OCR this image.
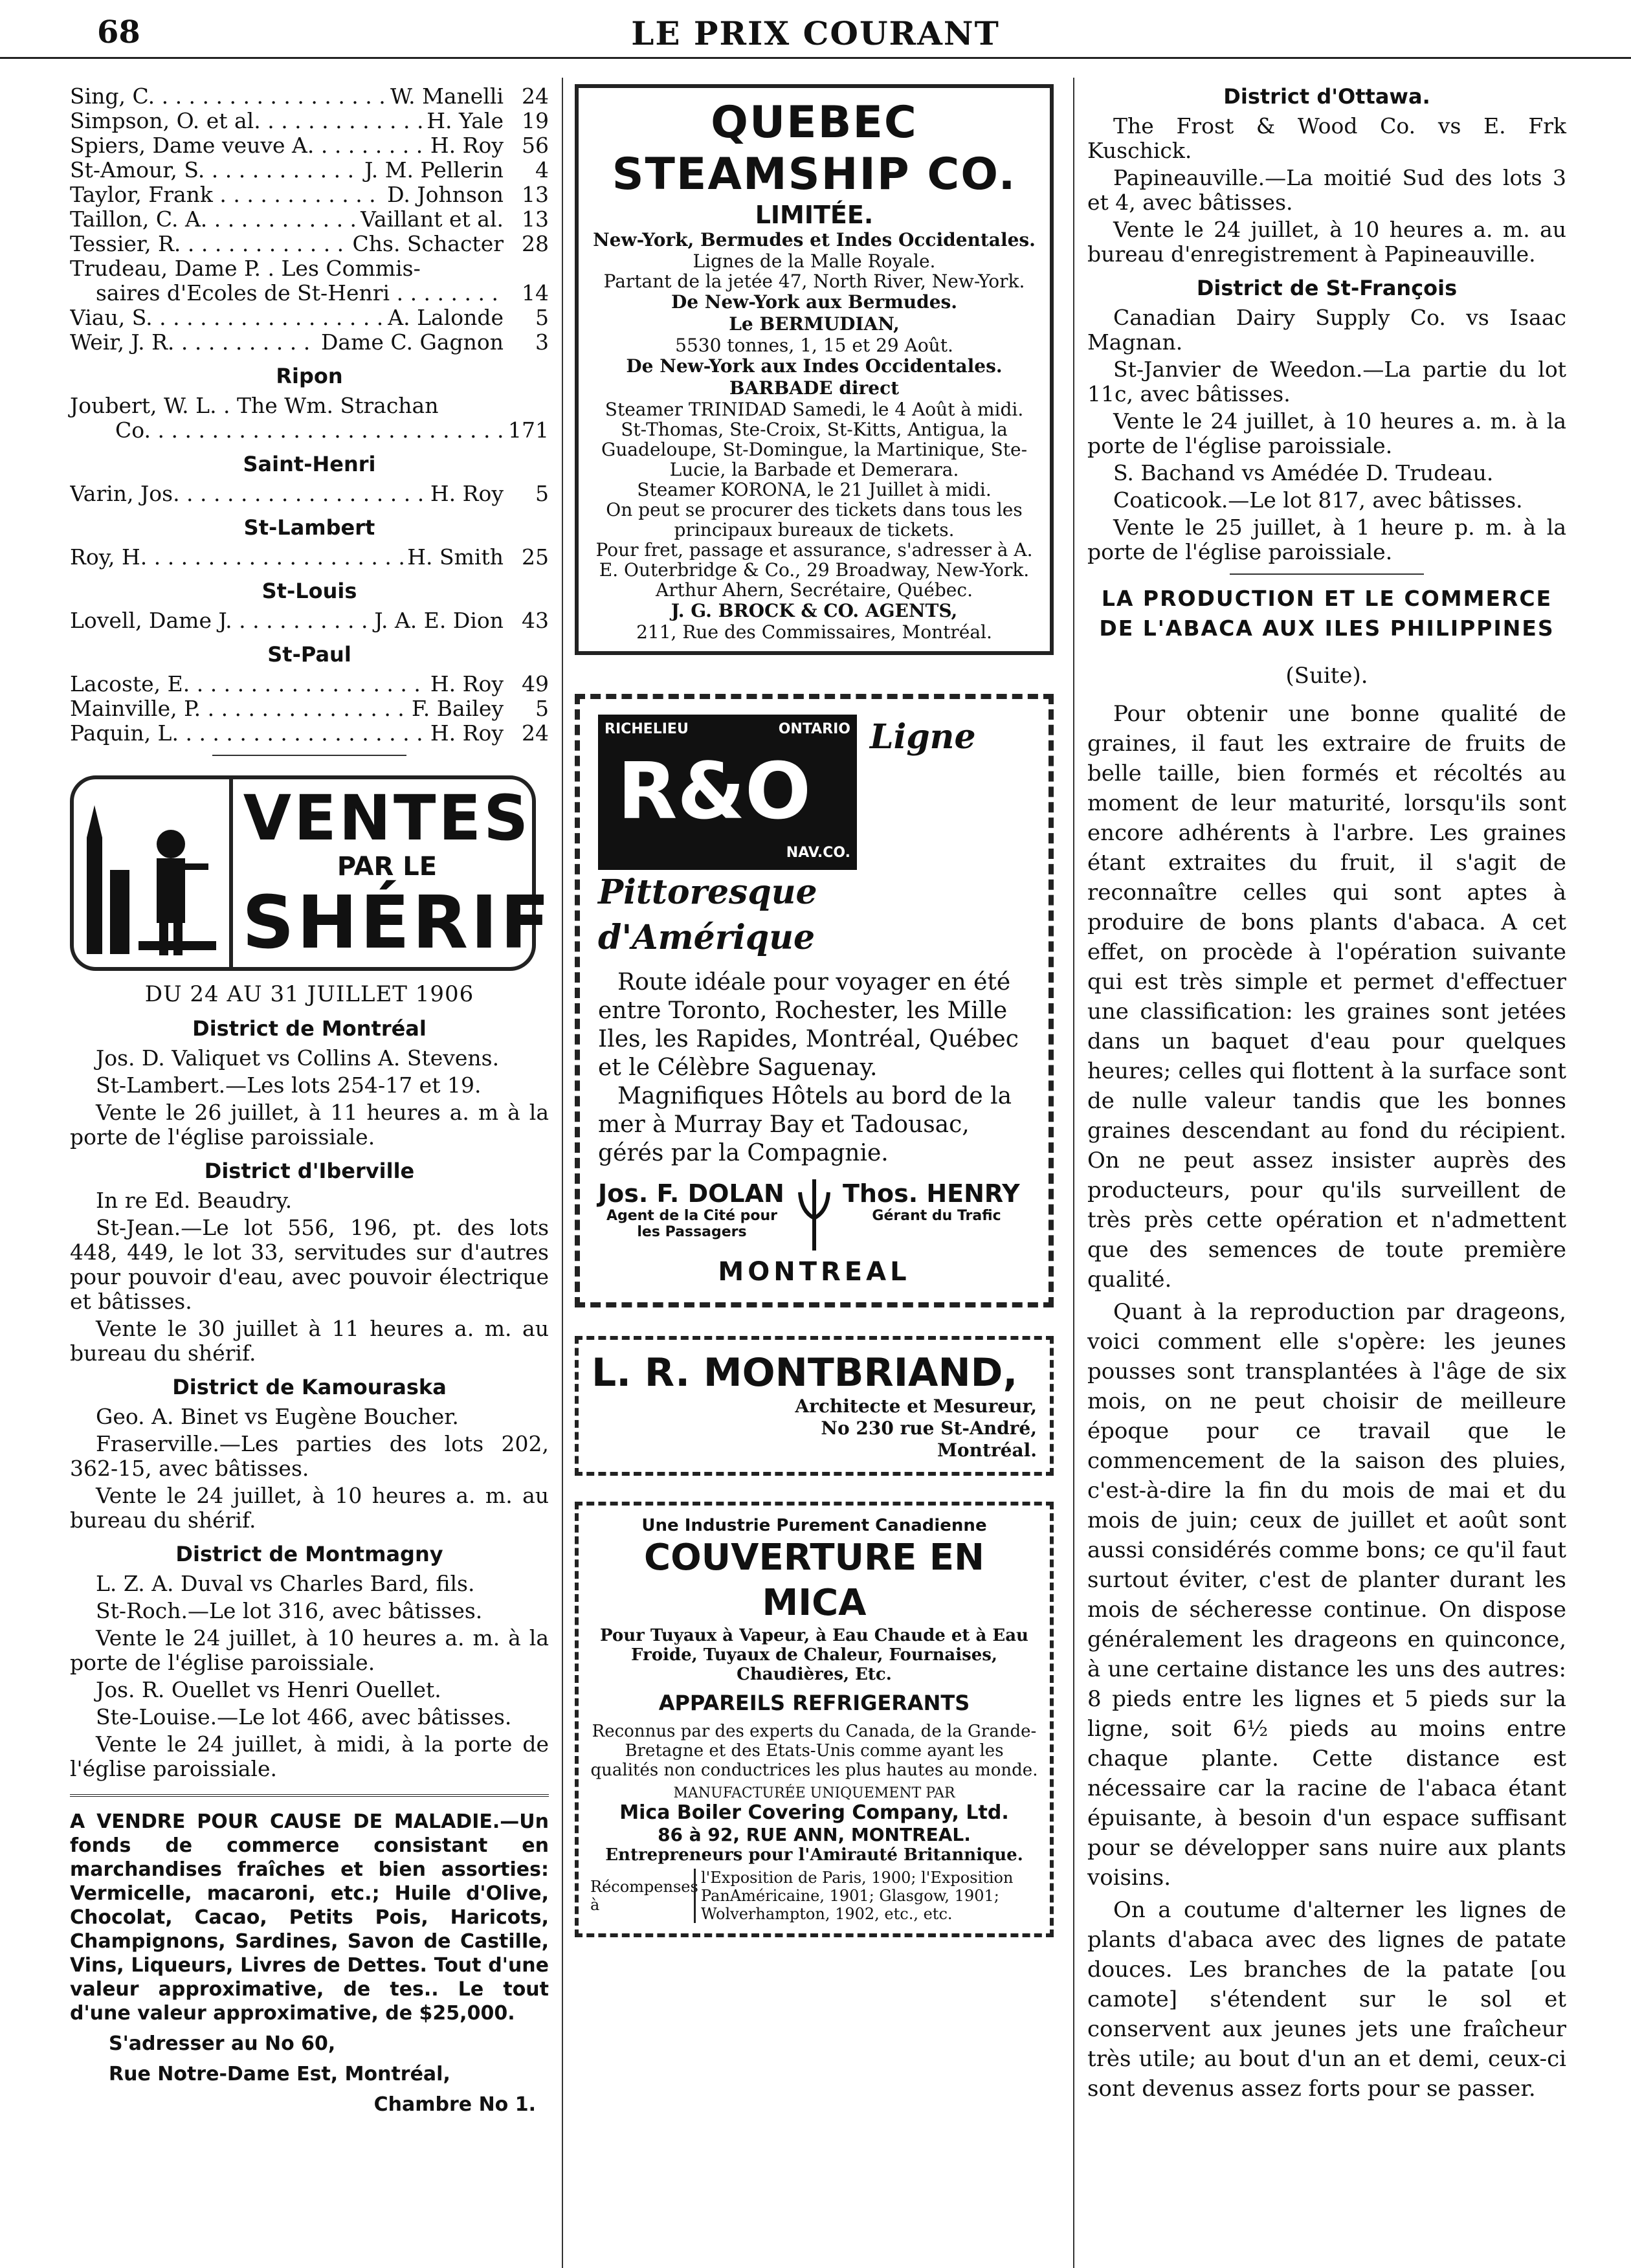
68	LE PRIX COURANT
Sing, C. . . .	W. Manelli 24
Simpson, O. et al. . . .	H. Yale 19
Spiers, Dame veuve A. . . .	H. Roy 56
St-Amour, S. . . .	J. M. Pellerin	4
Taylor, Frank . . .	D. Johnson 13
Taillon, C. A. . . .	Vaillant et al. 13
Tessier, R. . . .	Chs. Schacter 28
Trudeau, Dame P. . Les Commis-
saires d'Ecoles de St-Henri . . .	14
Viau, S. . . .	A. Lalonde	5
Weir, J. R. . . .	Dame C. Gagnon	3
Ripon
Joubert, W. L. . The Wm. Strachan
Co. . . .	171
Saint-Henri
Varin, Jos. . . .	H. Roy	5
St-Lambert
Roy, H. . . .	H. Smith 25
St-Louis
Lovell, Dame J. . . .	J. A. E. Dion 43
St-Paul
Lacoste, E. . . .	H. Roy 49
Mainville, P. . . .	F. Bailey	5
Paquin, L. . . .	H. Roy 24
VENTES
PAR LE
SHÉRIF
DU 24 AU 31 JUILLET 1906
District de Montréal

Jos. D. Valiquet vs Collins A. Stevens.

St-Lambert.—Les lots 254-17 et 19.

Vente le 26 juillet, à 11 heures a. m à la porte de l'église paroissiale.

District d'Iberville

In re Ed. Beaudry.

St-Jean.—Le lot 556, 196, pt. des lots 448, 449, le lot 33, servitudes sur d'autres pour pouvoir d'eau, avec pouvoir électrique et bâtisses.

Vente le 30 juillet à 11 heures a. m. au bureau du shérif.

District de Kamouraska

Geo. A. Binet vs Eugène Boucher.

Fraserville.—Les parties des lots 202, 362-15, avec bâtisses.

Vente le 24 juillet, à 10 heures a. m. au bureau du shérif.

District de Montmagny

L. Z. A. Duval vs Charles Bard, fils.

St-Roch.—Le lot 316, avec bâtisses.

Vente le 24 juillet, à 10 heures a. m. à la porte de l'église paroissiale.

Jos. R. Ouellet vs Henri Ouellet.

Ste-Louise.—Le lot 466, avec bâtisses.

Vente le 24 juillet, à midi, à la porte de l'église paroissiale.

A VENDRE POUR CAUSE DE MALADIE.—Un fonds de commerce consistant en marchandises fraîches et bien assorties: Vermicelle, macaroni, etc.; Huile d'Olive, Chocolat, Cacao, Petits Pois, Haricots, Champignons, Sardines, Savon de Castille, Vins, Liqueurs, Livres de Dettes. Tout d'une valeur approximative, de tes.. Le tout d'une valeur approximative, de $25,000.
S'adresser au No 60,
Rue Notre-Dame Est, Montréal,
Chambre No 1.
QUEBEC STEAMSHIP CO.
LIMITÉE.
New-York, Bermudes et Indes Occidentales.
Lignes de la Malle Royale.
Partant de la jetée 47, North River, New-York.
De New-York aux Bermudes.
Le BERMUDIAN,
5530 tonnes, 1, 15 et 29 Août.
De New-York aux Indes Occidentales.
BARBADE direct
Steamer TRINIDAD Samedi, le 4 Août à midi.
St-Thomas, Ste-Croix, St-Kitts, Antigua, la Guadeloupe, St-Domingue, la Martinique, Ste-Lucie, la Barbade et Demerara.
Steamer KORONA, le 21 Juillet à midi.
On peut se procurer des tickets dans tous les principaux bureaux de tickets.
Pour fret, passage et assurance, s'adresser à A. E. Outerbridge & Co., 29 Broadway, New-York. Arthur Ahern, Secrétaire, Québec.
J. G. BROCK & CO. AGENTS,
211, Rue des Commissaires, Montréal.
RICHELIEU	ONTARIO
R&O
NAV.CO.
Ligne
Pittoresque
d'Amérique
Route idéale pour voyager en été entre Toronto, Rochester, les Mille Iles, les Rapides, Montréal, Québec et le Célèbre Saguenay.
Magnifiques Hôtels au bord de la mer à Murray Bay et Tadousac, gérés par la Compagnie.
Jos. F. DOLAN
Agent de la Cité pour les Passagers
Thos. HENRY
Gérant du Trafic
MONTREAL
L. R. MONTBRIAND,
Architecte et Mesureur,
No 230 rue St-André,
Montréal.
Une Industrie Purement Canadienne
COUVERTURE EN MICA
Pour Tuyaux à Vapeur, à Eau Chaude et à Eau Froide, Tuyaux de Chaleur, Fournaises, Chaudières, Etc.
APPAREILS REFRIGERANTS
Reconnus par des experts du Canada, de la Grande-Bretagne et des Etats-Unis comme ayant les qualités non conductrices les plus hautes au monde.
MANUFACTURÉE UNIQUEMENT PAR
Mica Boiler Covering Company, Ltd.
86 à 92, RUE ANN, MONTREAL.
Entrepreneurs pour l'Amirauté Britannique.
Récompenses à
l'Exposition de Paris, 1900; l'Exposition PanAméricaine, 1901; Glasgow, 1901; Wolverhampton, 1902, etc., etc.
District d'Ottawa.

The Frost & Wood Co. vs E. Frk Kuschick.

Papineauville.—La moitié Sud des lots 3 et 4, avec bâtisses.

Vente le 24 juillet, à 10 heures a. m. au bureau d'enregistrement à Papineauville.

District de St-François

Canadian Dairy Supply Co. vs Isaac Magnan.

St-Janvier de Weedon.—La partie du lot 11c, avec bâtisses.

Vente le 24 juillet, à 10 heures a. m. à la porte de l'église paroissiale.

S. Bachand vs Amédée D. Trudeau.

Coaticook.—Le lot 817, avec bâtisses.

Vente le 25 juillet, à 1 heure p. m. à la porte de l'église paroissiale.

LA PRODUCTION ET LE COMMERCE DE L'ABACA AUX ILES PHILIPPINES
(Suite).

Pour obtenir une bonne qualité de graines, il faut les extraire de fruits de belle taille, bien formés et récoltés au moment de leur maturité, lorsqu'ils sont encore adhérents à l'arbre. Les graines étant extraites du fruit, il s'agit de reconnaître celles qui sont aptes à produire de bons plants d'abaca. A cet effet, on procède à l'opération suivante qui est très simple et permet d'effectuer une classification: les graines sont jetées dans un baquet d'eau pour quelques heures; celles qui flottent à la surface sont de nulle valeur tandis que les bonnes graines descendant au fond du récipient. On ne peut assez insister auprès des producteurs, pour qu'ils surveillent de très près cette opération et n'admettent que des semences de toute première qualité.

Quant à la reproduction par drageons, voici comment elle s'opère: les jeunes pousses sont transplantées à l'âge de six mois, on ne peut choisir de meilleure époque pour ce travail que le commencement de la saison des pluies, c'est-à-dire la fin du mois de mai et du mois de juin; ceux de juillet et août sont aussi considérés comme bons; ce qu'il faut surtout éviter, c'est de planter durant les mois de sécheresse continue. On dispose généralement les drageons en quinconce, à une certaine distance les uns des autres: 8 pieds entre les lignes et 5 pieds sur la ligne, soit 6½ pieds au moins entre chaque plante. Cette distance est nécessaire car la racine de l'abaca étant épuisante, à besoin d'un espace suffisant pour se développer sans nuire aux plants voisins.

On a coutume d'alterner les lignes de plants d'abaca avec des lignes de patate douces. Les branches de la patate [ou camote] s'étendent sur le sol et conservent aux jeunes jets une fraîcheur très utile; au bout d'un an et demi, ceux-ci sont devenus assez forts pour se passer.
